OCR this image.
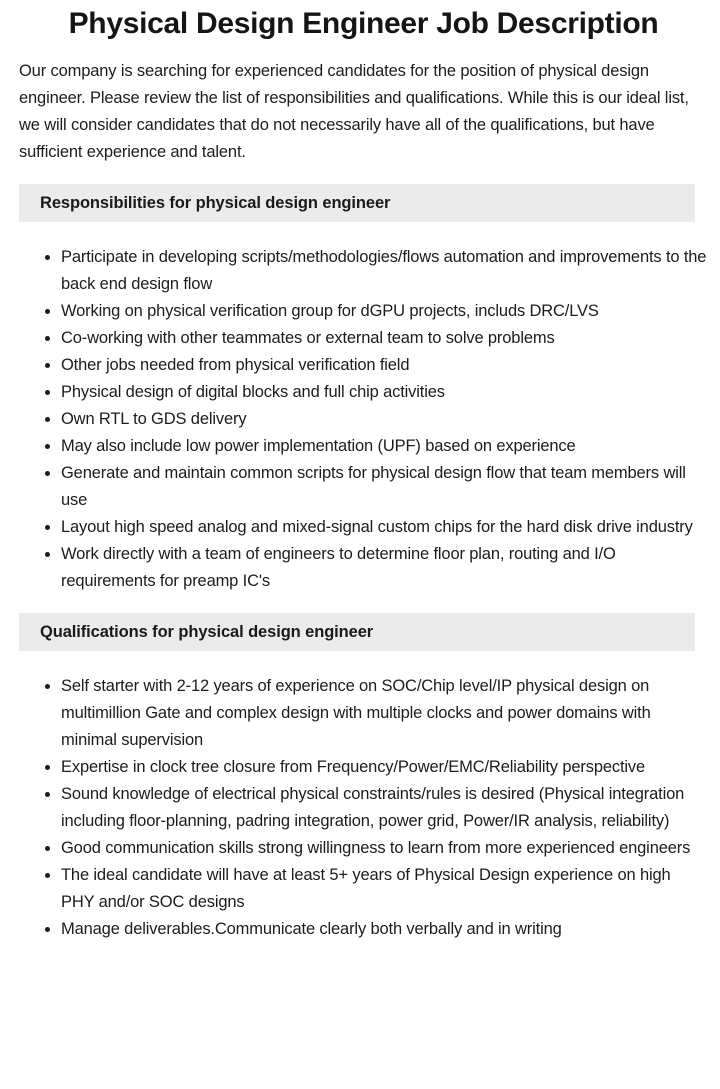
Physical Design Engineer Job Description

Our company is searching for experienced candidates for the position of physical design engineer. Please review the list of responsibilities and qualifications. While this is our ideal list, we will consider candidates that do not necessarily have all of the qualifications, but have sufficient experience and talent.

Responsibilities for physical design engineer
Participate in developing scripts/methodologies/flows automation and improvements to the back end design flow
Working on physical verification group for dGPU projects, includs DRC/LVS
Co-working with other teammates or external team to solve problems
Other jobs needed from physical verification field
Physical design of digital blocks and full chip activities
Own RTL to GDS delivery
May also include low power implementation (UPF) based on experience
Generate and maintain common scripts for physical design flow that team members will use
Layout high speed analog and mixed-signal custom chips for the hard disk drive industry
Work directly with a team of engineers to determine floor plan, routing and I/O requirements for preamp IC's
Qualifications for physical design engineer
Self starter with 2-12 years of experience on SOC/Chip level/IP physical design on multimillion Gate and complex design with multiple clocks and power domains with minimal supervision
Expertise in clock tree closure from Frequency/Power/EMC/Reliability perspective
Sound knowledge of electrical physical constraints/rules is desired (Physical integration including floor-planning, padring integration, power grid, Power/IR analysis, reliability)
Good communication skills strong willingness to learn from more experienced engineers
The ideal candidate will have at least 5+ years of Physical Design experience on high PHY and/or SOC designs
Manage deliverables.Communicate clearly both verbally and in writing
